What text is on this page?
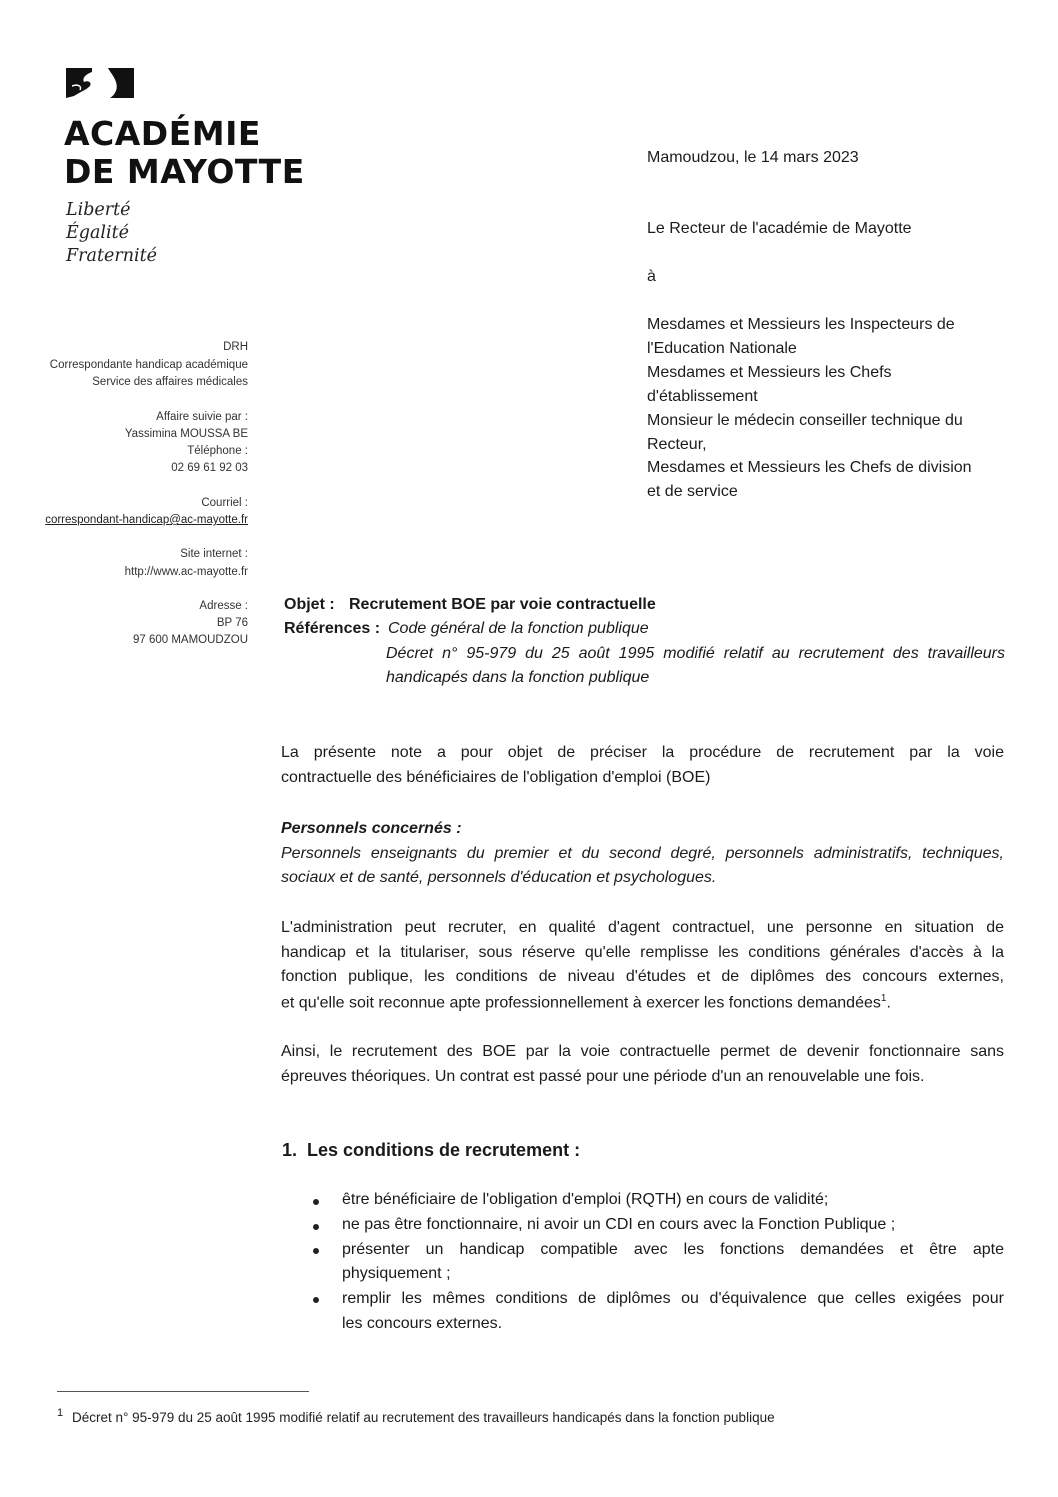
ACADÉMIE
DE MAYOTTE
Liberté
Égalité
Fraternité
DRH
Correspondante handicap académique
Service des affaires médicales
Affaire suivie par :
Yassimina MOUSSA BE
Téléphone :
02 69 61 92 03
Courriel :
correspondant-handicap@ac-mayotte.fr
Site internet :
http://www.ac-mayotte.fr
Adresse :
BP 76
97 600 MAMOUDZOU
Mamoudzou, le 14 mars 2023
Le Recteur de l'académie de Mayotte
à
Mesdames et Messieurs les Inspecteurs de
l'Education Nationale
Mesdames et Messieurs les Chefs
d'établissement
Monsieur le médecin conseiller technique du
Recteur,
Mesdames et Messieurs les Chefs de division
et de service
Objet : Recrutement BOE par voie contractuelle
Références : Code général de la fonction publique
Décret n° 95-979 du 25 août 1995 modifié relatif au recrutement des travailleurs
handicapés dans la fonction publique
La présente note a pour objet de préciser la procédure de recrutement par la voie
contractuelle des bénéficiaires de l'obligation d'emploi (BOE)
Personnels concernés :
Personnels enseignants du premier et du second degré, personnels administratifs, techniques,
sociaux et de santé, personnels d'éducation et psychologues.
L'administration peut recruter, en qualité d'agent contractuel, une personne en situation de
handicap et la titulariser, sous réserve qu'elle remplisse les conditions générales d'accès à la
fonction publique, les conditions de niveau d'études et de diplômes des concours externes,
et qu'elle soit reconnue apte professionnellement à exercer les fonctions demandées$^1$.
Ainsi, le recrutement des BOE par la voie contractuelle permet de devenir fonctionnaire sans
épreuves théoriques. Un contrat est passé pour une période d'un an renouvelable une fois.
1.  Les conditions de recrutement :
être bénéficiaire de l'obligation d'emploi (RQTH) en cours de validité;
ne pas être fonctionnaire, ni avoir un CDI en cours avec la Fonction Publique ;
présenter un handicap compatible avec les fonctions demandées et être apte
physiquement ;
remplir les mêmes conditions de diplômes ou d'équivalence que celles exigées pour
les concours externes.
1 Décret n° 95-979 du 25 août 1995 modifié relatif au recrutement des travailleurs handicapés dans la fonction publique
